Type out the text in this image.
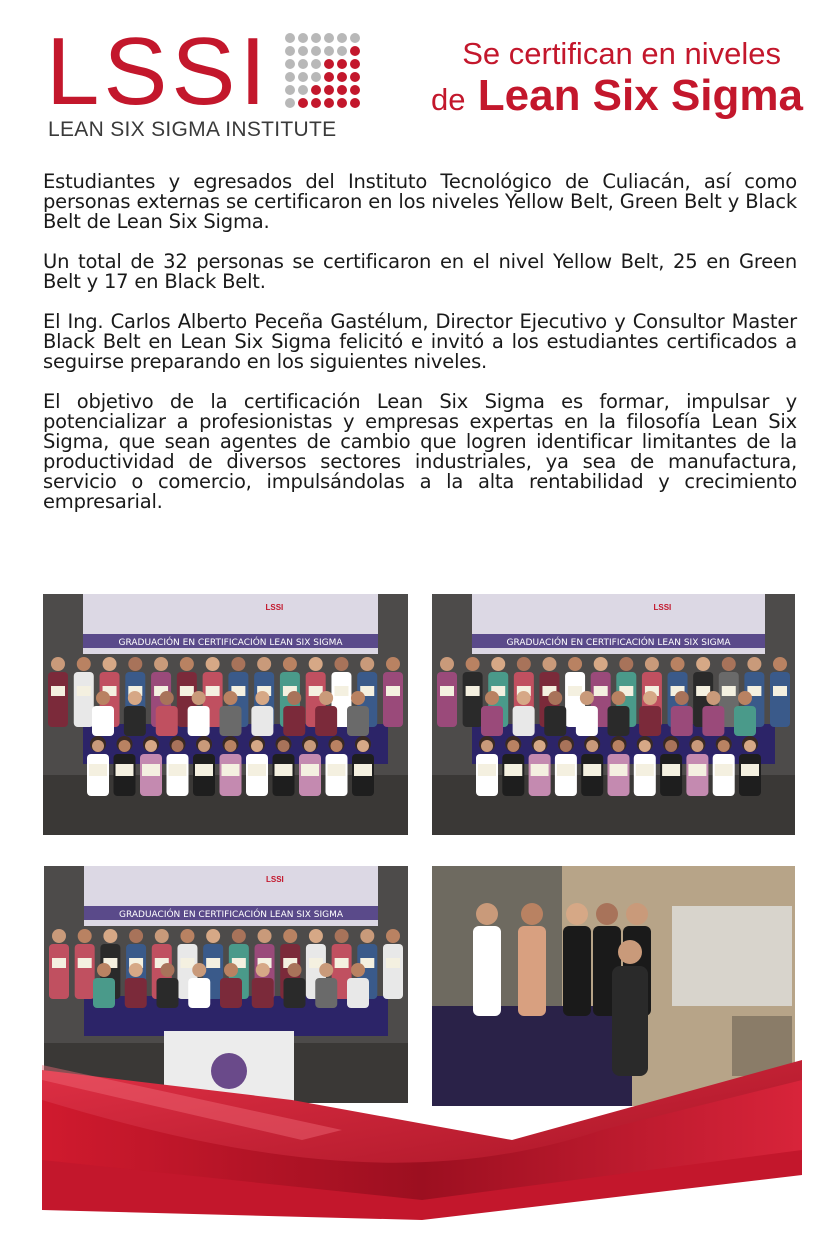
LSSI

LEAN SIX SIGMA INSTITUTE

Se certifican en niveles
de Lean Six Sigma

Estudiantes y egresados del Instituto Tecnológico de Culiacán, así como personas externas se certificaron en los niveles Yellow Belt, Green Belt y Black Belt de Lean Six Sigma.

Un total de 32 personas se certificaron en el nivel Yellow Belt, 25 en Green Belt y 17 en Black Belt.

El Ing. Carlos Alberto Peceña Gastélum, Director Ejecutivo y Consultor Master Black Belt en Lean Six Sigma felicitó e invitó a los estudiantes certificados a seguirse preparando en los siguientes niveles.

El objetivo de la certificación Lean Six Sigma es formar, impulsar y potencializar a profesionistas y empresas expertas en la filosofía Lean Six Sigma, que sean agentes de cambio que logren identificar limitantes de la productividad de diversos sectores industriales, ya sea de manufactura, servicio o comercio, impulsándolas a la alta rentabilidad y crecimiento empresarial.

GRADUACIÓN EN CERTIFICACIÓN LEAN SIX SIGMA
LSSI
GRADUACIÓN EN CERTIFICACIÓN LEAN SIX SIGMA
LSSI
GRADUACIÓN EN CERTIFICACIÓN LEAN SIX SIGMA
LSSI
